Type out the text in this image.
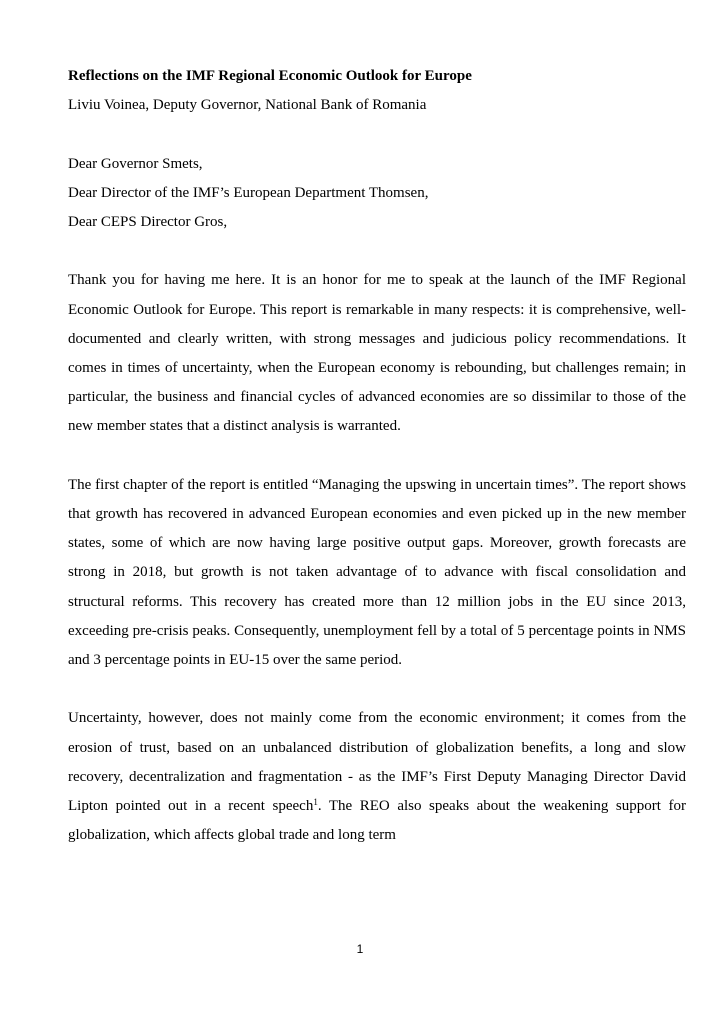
Reflections on the IMF Regional Economic Outlook for Europe

Liviu Voinea, Deputy Governor, National Bank of Romania

Dear Governor Smets,

Dear Director of the IMF’s European Department Thomsen,

Dear CEPS Director Gros,

Thank you for having me here. It is an honor for me to speak at the launch of the IMF Regional Economic Outlook for Europe. This report is remarkable in many respects: it is comprehensive, well-documented and clearly written, with strong messages and judicious policy recommendations. It comes in times of uncertainty, when the European economy is rebounding, but challenges remain; in particular, the business and financial cycles of advanced economies are so dissimilar to those of the new member states that a distinct analysis is warranted.

The first chapter of the report is entitled “Managing the upswing in uncertain times”. The report shows that growth has recovered in advanced European economies and even picked up in the new member states, some of which are now having large positive output gaps. Moreover, growth forecasts are strong in 2018, but growth is not taken advantage of to advance with fiscal consolidation and structural reforms. This recovery has created more than 12 million jobs in the EU since 2013, exceeding pre-crisis peaks. Consequently, unemployment fell by a total of 5 percentage points in NMS and 3 percentage points in EU-15 over the same period.

Uncertainty, however, does not mainly come from the economic environment; it comes from the erosion of trust, based on an unbalanced distribution of globalization benefits, a long and slow recovery, decentralization and fragmentation - as the IMF’s First Deputy Managing Director David Lipton pointed out in a recent speech$^1$. The REO also speaks about the weakening support for globalization, which affects global trade and long term

1
